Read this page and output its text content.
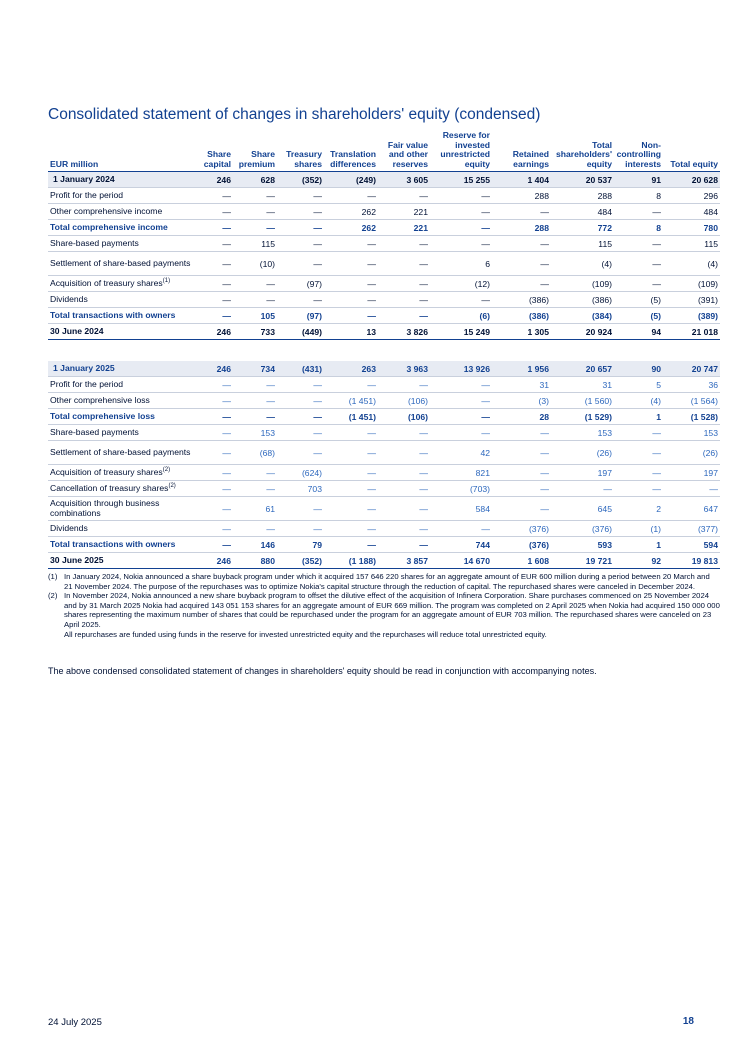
Consolidated statement of changes in shareholders' equity (condensed)
EUR million	Share capital	Share premium	Treasury shares	Translation differences	Fair value and other reserves	Reserve for invested unrestricted equity	Retained earnings	Total shareholders' equity	Non-controlling interests	Total equity
1 January 2024	246	628	(352)	(249)	3 605	15 255	1 404	20 537	91	20 628
Profit for the period	—	—	—	—	—	—	288	288	8	296
Other comprehensive income	—	—	—	262	221	—	—	484	—	484
Total comprehensive income	—	—	—	262	221	—	288	772	8	780
Share-based payments	—	115	—	—	—	—	—	115	—	115
Settlement of share-based payments	—	(10)	—	—	—	6	—	(4)	—	(4)
Acquisition of treasury shares$^{(1)}$	—	—	(97)	—	—	(12)	—	(109)	—	(109)
Dividends	—	—	—	—	—	—	(386)	(386)	(5)	(391)
Total transactions with owners	—	105	(97)	—	—	(6)	(386)	(384)	(5)	(389)
30 June 2024	246	733	(449)	13	3 826	15 249	1 305	20 924	94	21 018
1 January 2025	246	734	(431)	263	3 963	13 926	1 956	20 657	90	20 747
Profit for the period	—	—	—	—	—	—	31	31	5	36
Other comprehensive loss	—	—	—	(1 451)	(106)	—	(3)	(1 560)	(4)	(1 564)
Total comprehensive loss	—	—	—	(1 451)	(106)	—	28	(1 529)	1	(1 528)
Share-based payments	—	153	—	—	—	—	—	153	—	153
Settlement of share-based payments	—	(68)	—	—	—	42	—	(26)	—	(26)
Acquisition of treasury shares$^{(2)}$	—	—	(624)	—	—	821	—	197	—	197
Cancellation of treasury shares$^{(2)}$	—	—	703	—	—	(703)	—	—	—	—
Acquisition through business combinations	—	61	—	—	—	584	—	645	2	647
Dividends	—	—	—	—	—	—	(376)	(376)	(1)	(377)
Total transactions with owners	—	146	79	—	—	744	(376)	593	1	594
30 June 2025	246	880	(352)	(1 188)	3 857	14 670	1 608	19 721	92	19 813
(1) In January 2024, Nokia announced a share buyback program under which it acquired 157 646 220 shares for an aggregate amount of EUR 600 million during a period between 20 March and 21 November 2024. The purpose of the repurchases was to optimize Nokia's capital structure through the reduction of capital. The repurchased shares were canceled in December 2024.
(2) In November 2024, Nokia announced a new share buyback program to offset the dilutive effect of the acquisition of Infinera Corporation. Share purchases commenced on 25 November 2024 and by 31 March 2025 Nokia had acquired 143 051 153 shares for an aggregate amount of EUR 669 million. The program was completed on 2 April 2025 when Nokia had acquired 150 000 000 shares representing the maximum number of shares that could be repurchased under the program for an aggregate amount of EUR 703 million. The repurchased shares were canceled on 23 April 2025.
All repurchases are funded using funds in the reserve for invested unrestricted equity and the repurchases will reduce total unrestricted equity.
The above condensed consolidated statement of changes in shareholders' equity should be read in conjunction with accompanying notes.
24 July 2025	18
